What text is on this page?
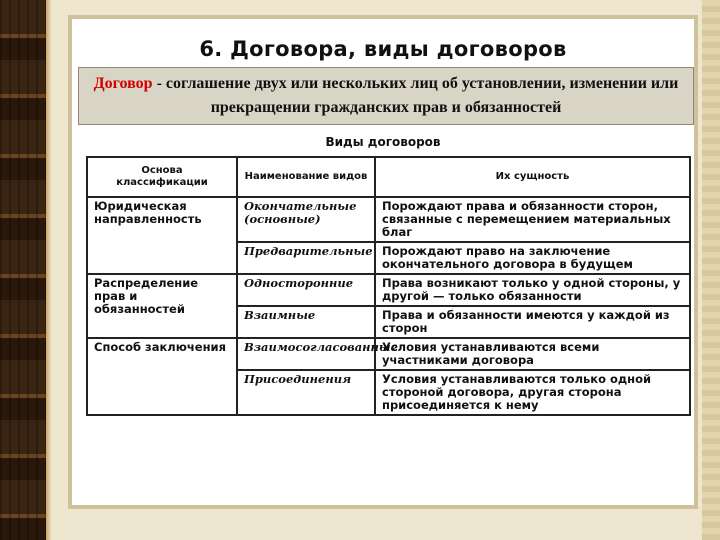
6. Договора, виды договоров
Договор - соглашение двух или нескольких лиц об установлении, изменении или прекращении гражданских прав и обязанностей
Виды договоров
Основа классификации	Наименование видов	Их сущность
Юридическая направленность	Окончательные (основные)	Порождают права и обязанности сторон, связанные с перемещением материальных благ
	Предварительные	Порождают право на заключение окончательного договора в будущем
Распределение прав и обязанностей	Односторонние	Права возникают только у одной стороны, у другой — только обязанности
	Взаимные	Права и обязанности имеются у каждой из сторон
Способ заключения	Взаимосогласованные	Условия устанавливаются всеми участниками договора
	Присоединения	Условия устанавливаются только одной стороной договора, другая сторона присоединяется к нему
